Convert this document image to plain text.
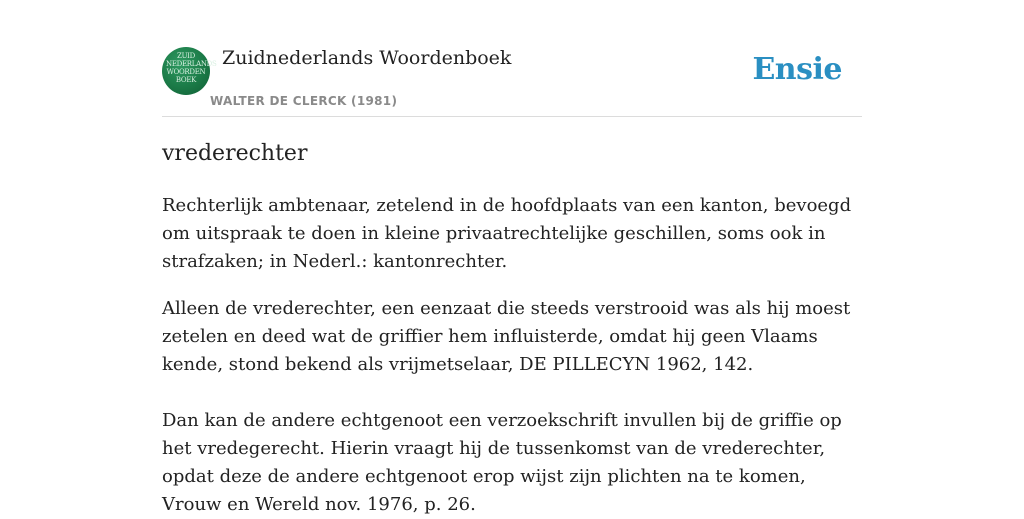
ZUID
NEDERLANDS
WOORDEN
BOEK
Zuidnederlands Woordenboek
WALTER DE CLERCK (1981)
Ensie
vrederechter

Rechterlijk ambtenaar, zetelend in de hoofdplaats van een kanton, bevoegd om uitspraak te doen in kleine privaatrechtelijke geschillen, soms ook in strafzaken; in Nederl.: kantonrechter.

Alleen de vrederechter, een eenzaat die steeds verstrooid was als hij moest zetelen en deed wat de griffier hem influisterde, omdat hij geen Vlaams kende, stond bekend als vrijmetselaar, DE PILLECYN 1962, 142.

Dan kan de andere echtgenoot een verzoekschrift invullen bij de griffie op het vredegerecht. Hierin vraagt hij de tussenkomst van de vrederechter, opdat deze de andere echtgenoot erop wijst zijn plichten na te komen, Vrouw en Wereld nov. 1976, p. 26.
